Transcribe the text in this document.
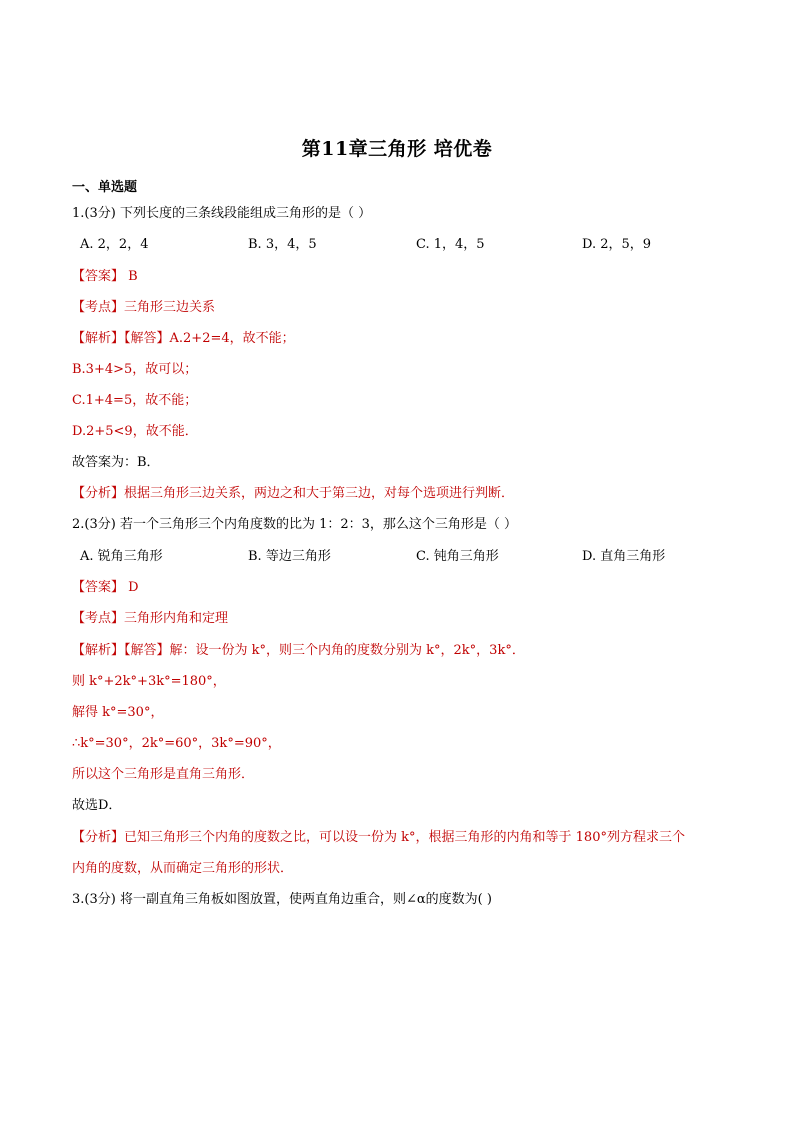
第11章三角形 培优卷
一、单选题
1.(3分) 下列长度的三条线段能组成三角形的是（ ）
A. 2，2，4	B. 3，4，5	C. 1，4，5	D. 2，5，9
【答案】 B
【考点】三角形三边关系
【解析】【解答】A.2+2=4，故不能；
B.3+4>5，故可以；
C.1+4=5，故不能；
D.2+5<9，故不能．
故答案为：B．
【分析】根据三角形三边关系，两边之和大于第三边，对每个选项进行判断．
2.(3分) 若一个三角形三个内角度数的比为 1：2：3，那么这个三角形是（ ）
A. 锐角三角形	B. 等边三角形	C. 钝角三角形	D. 直角三角形
【答案】 D
【考点】三角形内角和定理
【解析】【解答】解：设一份为 k°，则三个内角的度数分别为 k°，2k°，3k°．
则 k°+2k°+3k°=180°，
解得 k°=30°，
∴k°=30°，2k°=60°，3k°=90°，
所以这个三角形是直角三角形．
故选D．
【分析】已知三角形三个内角的度数之比，可以设一份为 k°，根据三角形的内角和等于 180°列方程求三个
内角的度数，从而确定三角形的形状．
3.(3分) 将一副直角三角板如图放置，使两直角边重合，则∠α的度数为( )
